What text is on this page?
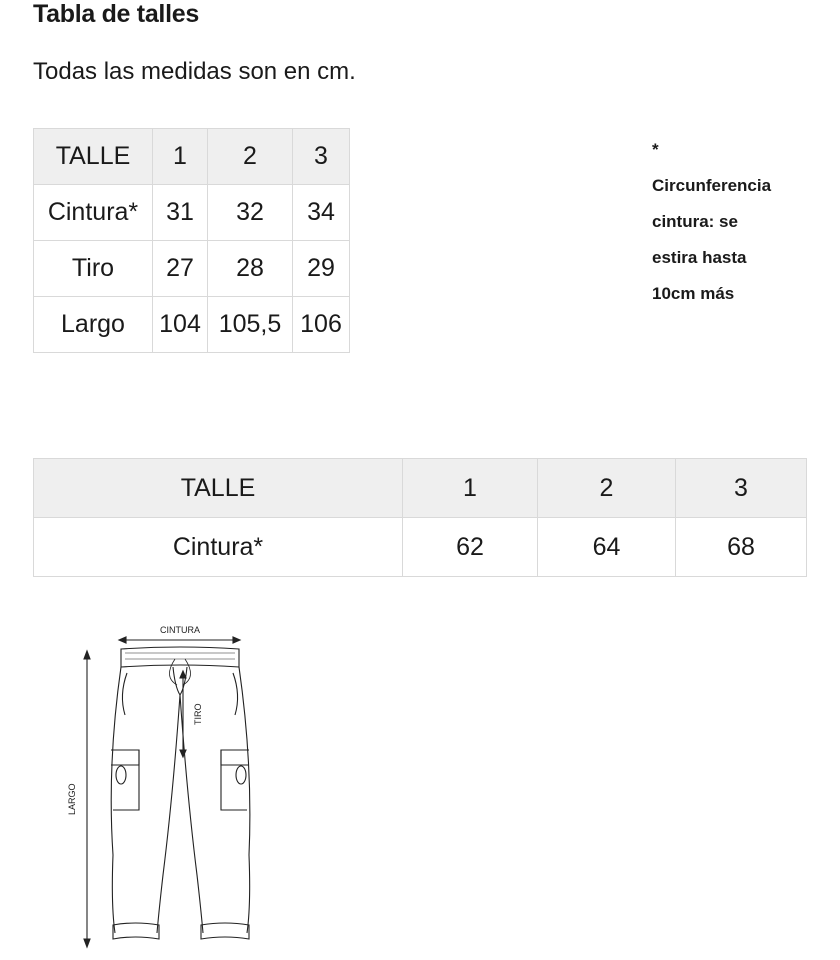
Tabla de talles
Todas las medidas son en cm.
TALLE	1	2	3
Cintura*	31	32	34
Tiro	27	28	29
Largo	104	105,5	106
*
Circunferencia
cintura: se
estira hasta
10cm más
TALLE	1	2	3
Cintura*	62	64	68
CINTURA
LARGO
TIRO
